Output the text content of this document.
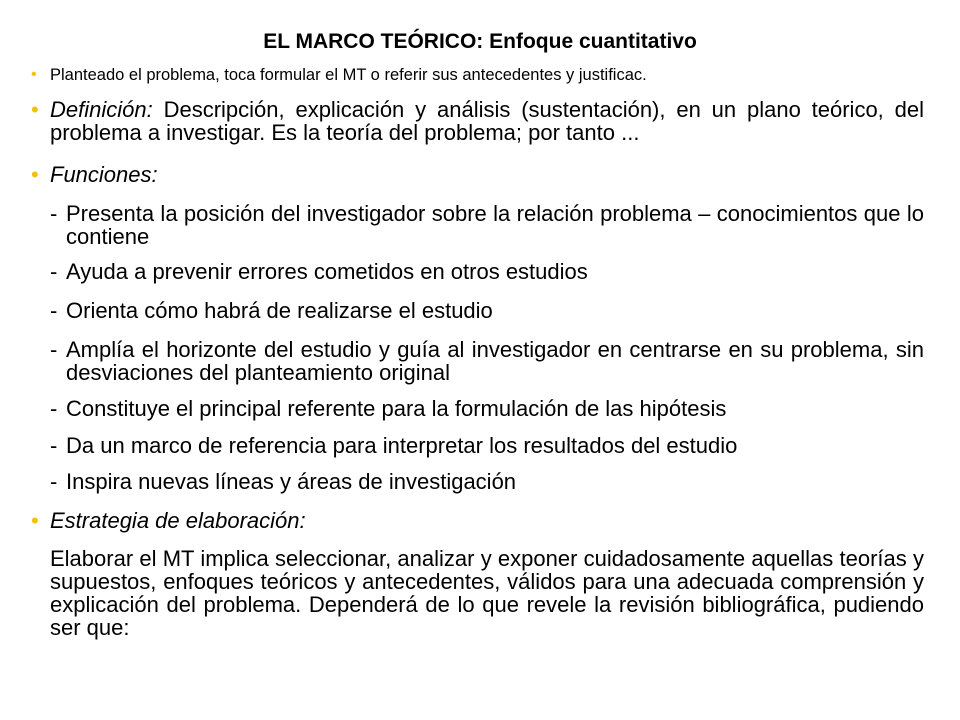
EL MARCO TEÓRICO: Enfoque cuantitativo
• Planteado el problema, toca formular el MT o referir sus antecedentes y justificac.
• Definición: Descripción, explicación y análisis (sustentación), en un plano teórico, del problema a investigar. Es la teoría del problema; por tanto ...
• Funciones:
- Presenta la posición del investigador sobre la relación problema – conocimientos que lo contiene
- Ayuda a prevenir errores cometidos en otros estudios
- Orienta cómo habrá de realizarse el estudio
- Amplía el horizonte del estudio y guía al investigador en centrarse en su problema, sin desviaciones del planteamiento original
- Constituye el principal referente para la formulación de las hipótesis
- Da un marco de referencia para interpretar los resultados del estudio
- Inspira nuevas líneas y áreas de investigación
• Estrategia de elaboración:
Elaborar el MT implica seleccionar, analizar y exponer cuidadosamente aquellas teorías y supuestos, enfoques teóricos y antecedentes, válidos para una adecuada comprensión y explicación del problema. Dependerá de lo que revele la revisión bibliográfica, pudiendo ser que:
